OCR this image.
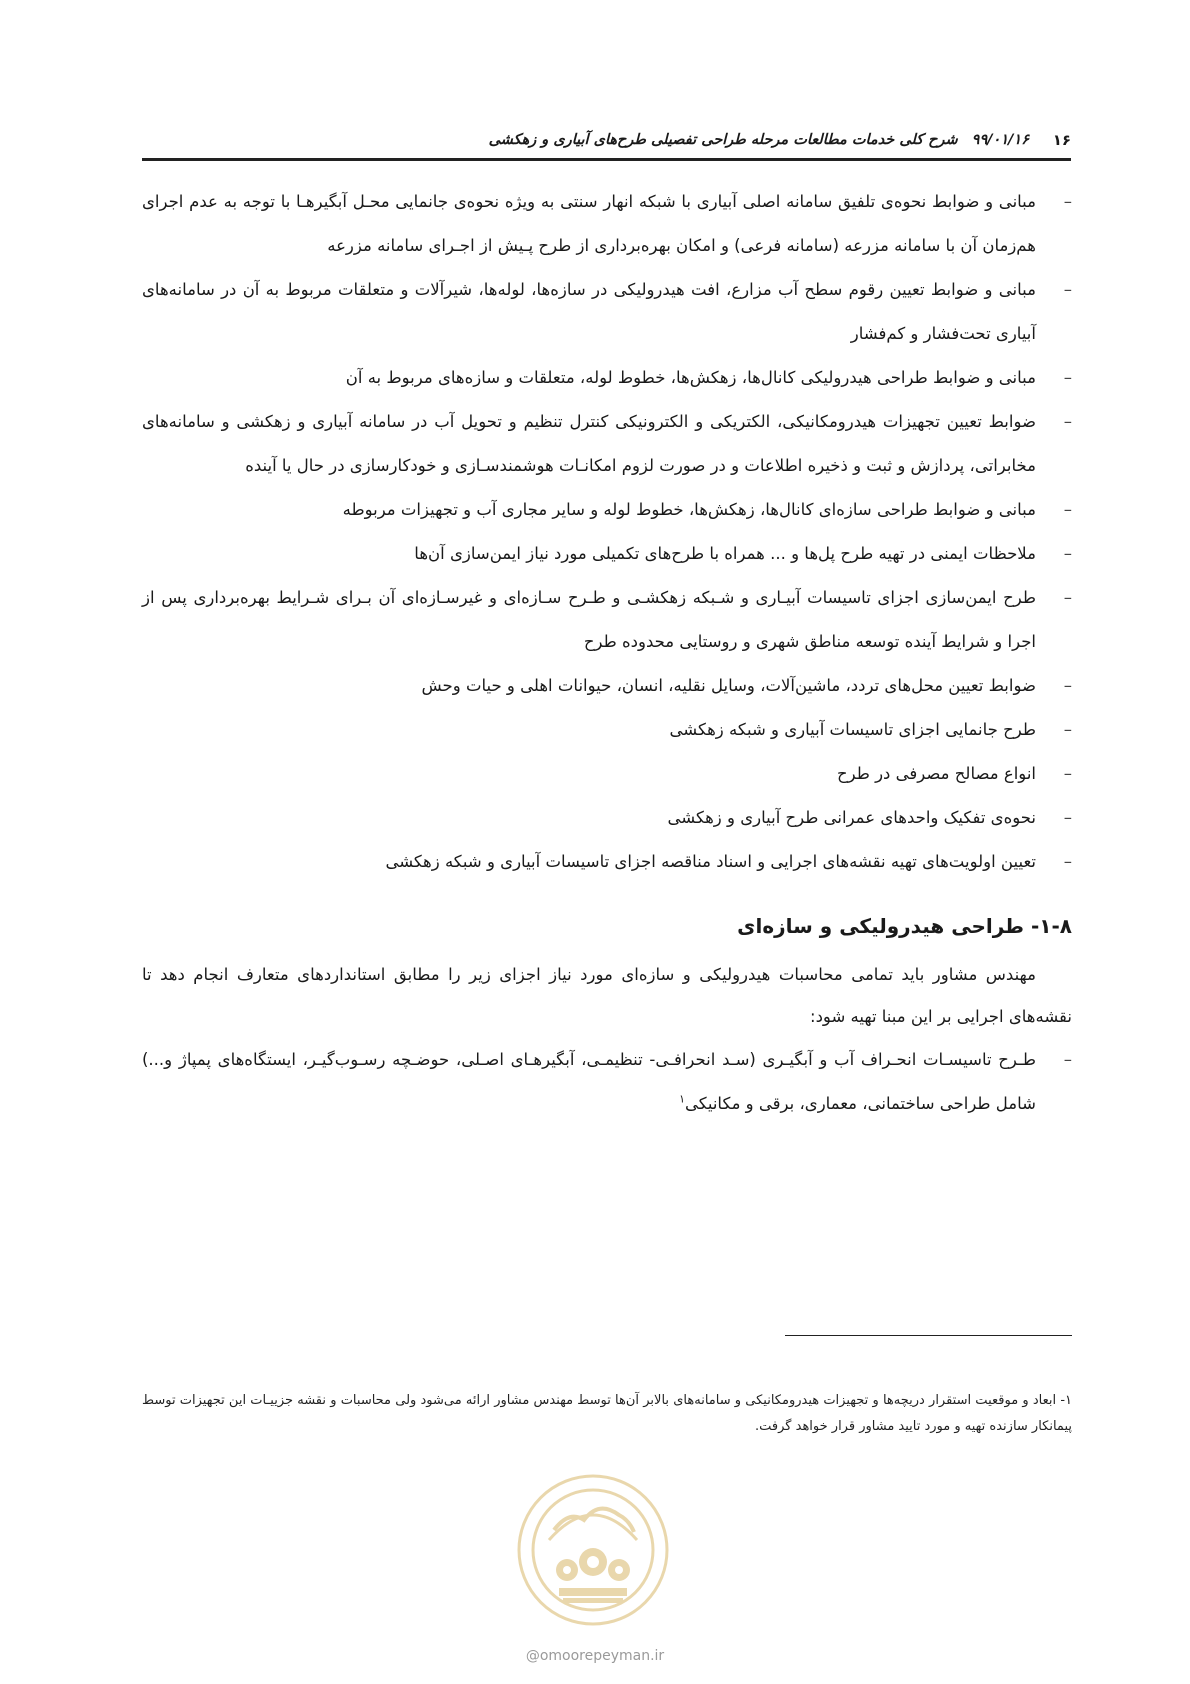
۱۶
۹۹/۰۱/۱۶شرح کلی خدمات مطالعات مرحله طراحی تفصیلی طرح‌های آبیاری و زهکشی
–
مبانی و ضوابط نحوه‌ی تلفیق سامانه اصلی آبیاری با شبکه انهار سنتی به ویژه نحوه‌ی جانمایی محـل آبگیرهـا با توجه به عدم اجرای هم‌زمان آن با سامانه مزرعه (سامانه فرعی) و امکان بهره‌برداری از طرح پـیش از اجـرای سامانه مزرعه
–
مبانی و ضوابط تعیین رقوم سطح آب مزارع، افت هیدرولیکی در سازه‌ها، لوله‌ها، شیرآلات و متعلقات مربوط به آن در سامانه‌های آبیاری تحت‌فشار و کم‌فشار
–
مبانی و ضوابط طراحی هیدرولیکی کانال‌ها، زهکش‌ها، خطوط لوله، متعلقات و سازه‌های مربوط به آن
–
ضوابط تعیین تجهیزات هیدرومکانیکی، الکتریکی و الکترونیکی کنترل تنظیم و تحویل آب در سامانه آبیاری و زهکشی و سامانه‌های مخابراتی، پردازش و ثبت و ذخیره اطلاعات و در صورت لزوم امکانـات هوشمندسـازی و خودکارسازی در حال یا آینده
–
مبانی و ضوابط طراحی سازه‌ای کانال‌ها، زهکش‌ها، خطوط لوله و سایر مجاری آب و تجهیزات مربوطه
–
ملاحظات ایمنی در تهیه طرح پل‌ها و ... همراه با طرح‌های تکمیلی مورد نیاز ایمن‌سازی آن‌ها
–
طرح ایمن‌سازی اجزای تاسیسات آبیـاری و شـبکه زهکشـی و طـرح سـازه‌ای و غیرسـازه‌ای آن بـرای شـرایط بهره‌برداری پس از اجرا و شرایط آینده توسعه مناطق شهری و روستایی محدوده طرح
–
ضوابط تعیین محل‌های تردد، ماشین‌آلات، وسایل نقلیه، انسان، حیوانات اهلی و حیات وحش
–
طرح جانمایی اجزای تاسیسات آبیاری و شبکه زهکشی
–
انواع مصالح مصرفی در طرح
–
نحوه‌ی تفکیک واحدهای عمرانی طرح آبیاری و زهکشی
–
تعیین اولویت‌های تهیه نقشه‌های اجرایی و اسناد مناقصه اجزای تاسیسات آبیاری و شبکه زهکشی
۱-۸- طراحی هیدرولیکی و سازه‌ای

مهندس مشاور باید تمامی محاسبات هیدرولیکی و سازه‌ای مورد نیاز اجزای زیر را مطابق استانداردهای متعارف انجام دهد تا نقشه‌های اجرایی بر این مبنا تهیه شود:

–
طـرح تاسیسـات انحـراف آب و آبگیـری (سـد انحرافـی- تنظیمـی، آبگیرهـای اصـلی، حوضـچه رسـوب‌گیـر، ایستگاه‌های پمپاژ و...) شامل طراحی ساختمانی، معماری، برقی و مکانیکی$^۱$
۱- ابعاد و موقعیت استقرار دریچه‌ها و تجهیزات هیدرومکانیکی و سامانه‌های بالابر آن‌ها توسط مهندس مشاور ارائه می‌شود ولی محاسبات و نقشه جزییـات این تجهیزات توسط پیمانکار سازنده تهیه و مورد تایید مشاور قرار خواهد گرفت.
@omoorepeyman.ir
